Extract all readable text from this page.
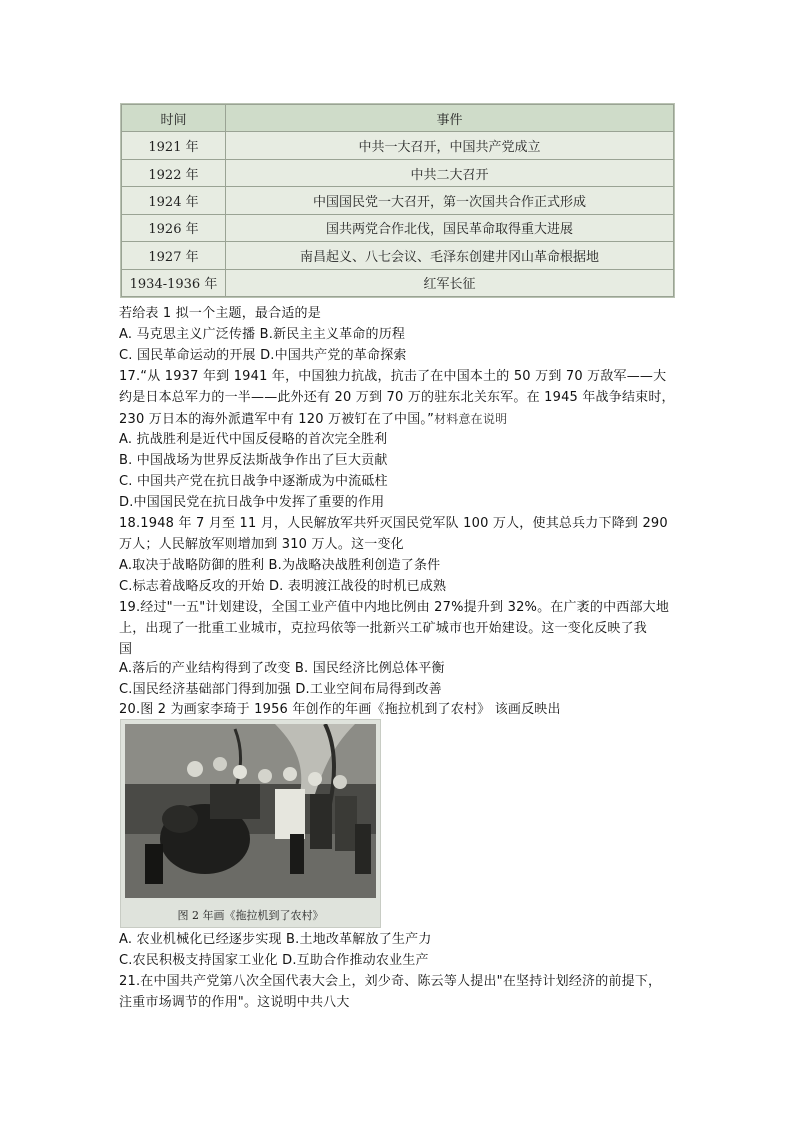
时间	事件
1921 年	中共一大召开，中国共产党成立
1922 年	中共二大召开
1924 年	中国国民党一大召开，第一次国共合作正式形成
1926 年	国共两党合作北伐，国民革命取得重大进展
1927 年	南昌起义、八七会议、毛泽东创建井冈山革命根据地
1934-1936 年	红军长征
若给表 1 拟一个主题，最合适的是
A. 马克思主义广泛传播 B.新民主主义革命的历程
C. 国民革命运动的开展 D.中国共产党的革命探索
17.“从 1937 年到 1941 年，中国独力抗战，抗击了在中国本土的 50 万到 70 万敌军——大
约是日本总军力的一半——此外还有 20 万到 70 万的驻东北关东军。在 1945 年战争结束时，
230 万日本的海外派遣军中有 120 万被钉在了中国。”材料意在说明
A. 抗战胜利是近代中国反侵略的首次完全胜利
B. 中国战场为世界反法斯战争作出了巨大贡献
C. 中国共产党在抗日战争中逐渐成为中流砥柱
D.中国国民党在抗日战争中发挥了重要的作用
18.1948 年 7 月至 11 月，人民解放军共歼灭国民党军队 100 万人，使其总兵力下降到 290
万人；人民解放军则增加到 310 万人。这一变化
A.取决于战略防御的胜利 B.为战略决战胜利创造了条件
C.标志着战略反攻的开始 D. 表明渡江战役的时机已成熟
19.经过"一五"计划建设，全国工业产值中内地比例由 27%提升到 32%。在广袤的中西部大地
上，出现了一批重工业城市，克拉玛依等一批新兴工矿城市也开始建设。这一变化反映了我
国
A.落后的产业结构得到了改变 B. 国民经济比例总体平衡
C.国民经济基础部门得到加强 D.工业空间布局得到改善
20.图 2 为画家李琦于 1956 年创作的年画《拖拉机到了农村》 该画反映出
图 2 年画《拖拉机到了农村》
A. 农业机械化已经逐步实现 B.土地改革解放了生产力
C.农民积极支持国家工业化 D.互助合作推动农业生产
21.在中国共产党第八次全国代表大会上，刘少奇、陈云等人提出"在坚持计划经济的前提下，
注重市场调节的作用"。这说明中共八大
